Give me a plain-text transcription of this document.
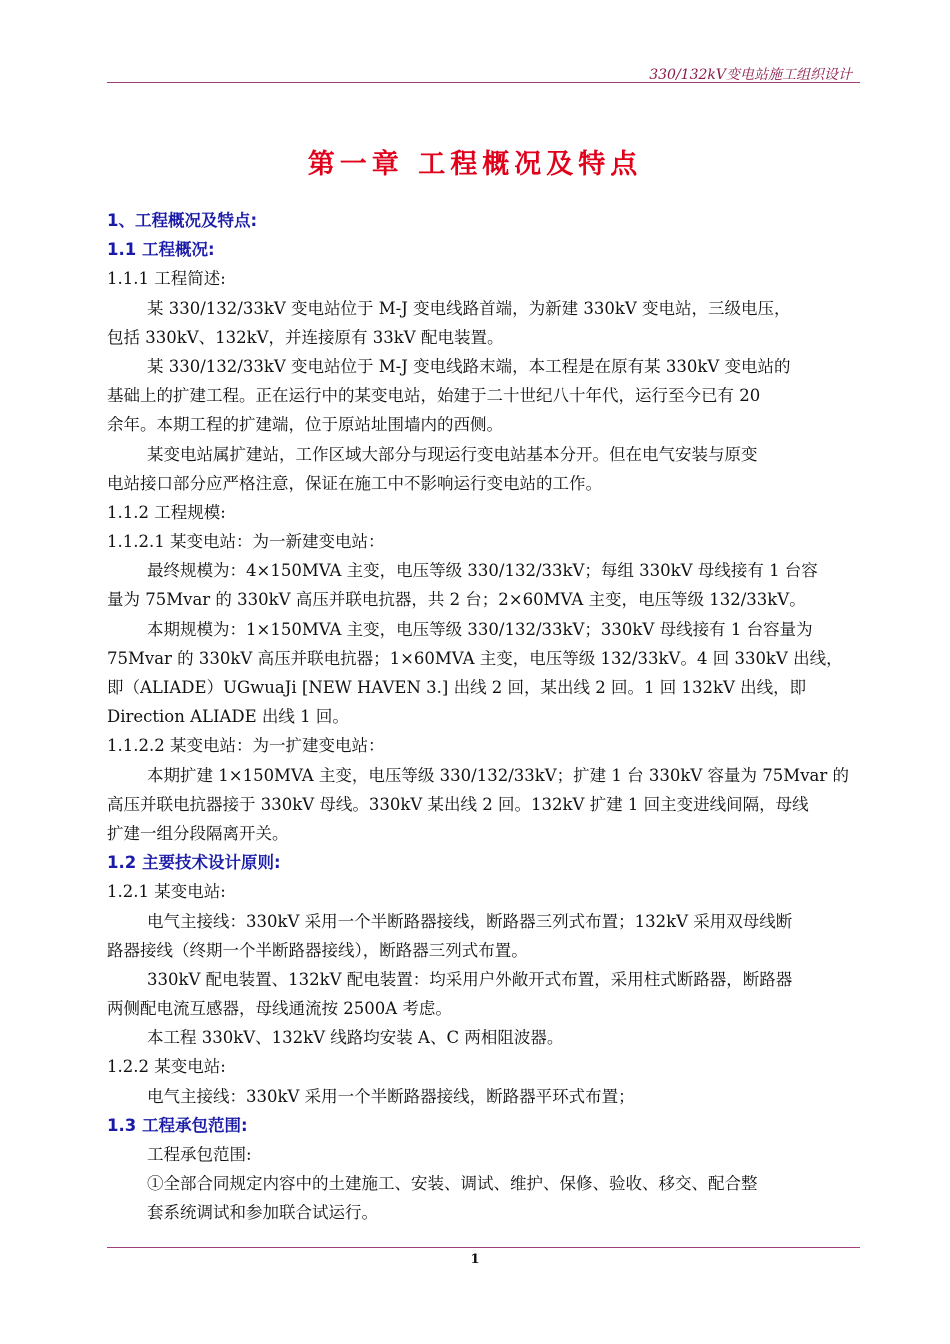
330/132kV变电站施工组织设计
第一章 工程概况及特点
1、工程概况及特点:
1.1 工程概况:
1.1.1 工程简述:
某 330/132/33kV 变电站位于 M-J 变电线路首端，为新建 330kV 变电站，三级电压，
包括 330kV、132kV，并连接原有 33kV 配电装置。
某 330/132/33kV 变电站位于 M-J 变电线路末端，本工程是在原有某 330kV 变电站的
基础上的扩建工程。正在运行中的某变电站，始建于二十世纪八十年代，运行至今已有 20
余年。本期工程的扩建端，位于原站址围墙内的西侧。
某变电站属扩建站，工作区域大部分与现运行变电站基本分开。但在电气安装与原变
电站接口部分应严格注意，保证在施工中不影响运行变电站的工作。
1.1.2 工程规模:
1.1.2.1 某变电站：为一新建变电站：
最终规模为：4×150MVA 主变，电压等级 330/132/33kV；每组 330kV 母线接有 1 台容
量为 75Mvar 的 330kV 高压并联电抗器，共 2 台；2×60MVA 主变，电压等级 132/33kV。
本期规模为：1×150MVA 主变，电压等级 330/132/33kV；330kV 母线接有 1 台容量为
75Mvar 的 330kV 高压并联电抗器；1×60MVA 主变，电压等级 132/33kV。4 回 330kV 出线，
即（ALIADE）UGwuaJi [NEW HAVEN 3.] 出线 2 回，某出线 2 回。1 回 132kV 出线，即
Direction ALIADE 出线 1 回。
1.1.2.2 某变电站：为一扩建变电站：
本期扩建 1×150MVA 主变，电压等级 330/132/33kV；扩建 1 台 330kV 容量为 75Mvar 的
高压并联电抗器接于 330kV 母线。330kV 某出线 2 回。132kV 扩建 1 回主变进线间隔，母线
扩建一组分段隔离开关。
1.2 主要技术设计原则:
1.2.1 某变电站:
电气主接线：330kV 采用一个半断路器接线，断路器三列式布置；132kV 采用双母线断
路器接线（终期一个半断路器接线），断路器三列式布置。
330kV 配电装置、132kV 配电装置：均采用户外敞开式布置，采用柱式断路器，断路器
两侧配电流互感器，母线通流按 2500A 考虑。
本工程 330kV、132kV 线路均安装 A、C 两相阻波器。
1.2.2 某变电站:
电气主接线：330kV 采用一个半断路器接线，断路器平环式布置；
1.3 工程承包范围:
工程承包范围:
①全部合同规定内容中的土建施工、安装、调试、维护、保修、验收、移交、配合整
套系统调试和参加联合试运行。
1
